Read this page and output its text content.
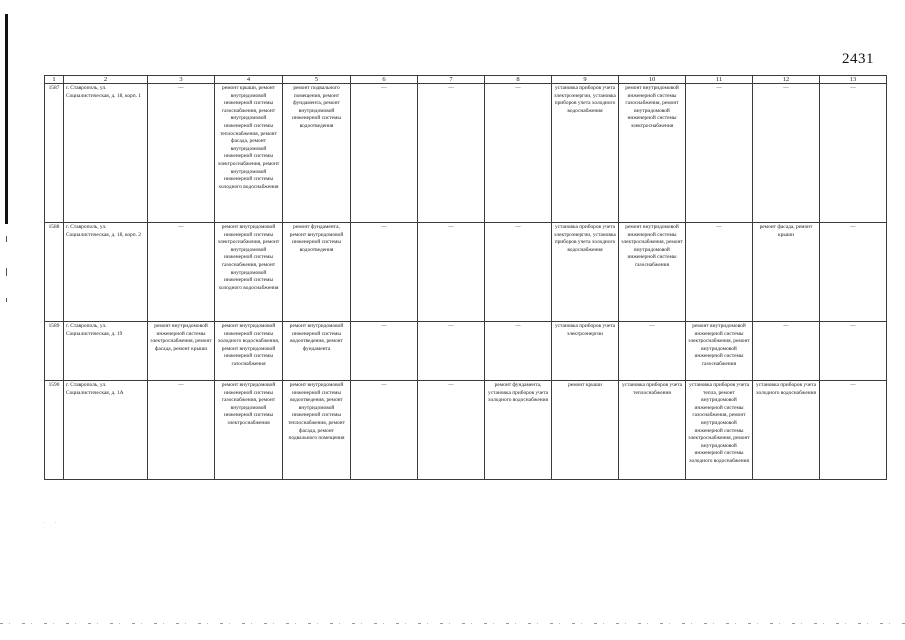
2431
1	2	3	4	5	6	7	8	9	10	11	12	13
1587	г. Ставрополь, ул. Социалистическая, д. 18, корп. 1	—	ремонт крыши, ремонт внутридомовой инженерной системы газоснабжения, ремонт внутридомовой инженерной системы теплоснабжения, ремонт фасада, ремонт внутридомовой инженерной системы электроснабжения, ремонт внутридомовой инженерной системы холодного водоснабжения	ремонт подвального помещения, ремонт фундамента, ремонт внутридомовой инженерной системы водоотведения	—	—	—	установка приборов учета электроэнергии, установка приборов учета холодного водоснабжения	ремонт внутридомовой инженерной системы газоснабжения, ремонт внутридомовой инженерной системы электроснабжения	—	—	—
1588	г. Ставрополь, ул. Социалистическая, д. 18, корп. 2	—	ремонт внутридомовой инженерной системы электроснабжения, ремонт внутридомовой инженерной системы газоснабжения, ремонт внутридомовой инженерной системы холодного водоснабжения	ремонт фундамента, ремонт внутридомовой инженерной системы водоотведения	—	—	—	установка приборов учета электроэнергии, установка приборов учета холодного водоснабжения	ремонт внутридомовой инженерной системы электроснабжения, ремонт внутридомовой инженерной системы газоснабжения	—	ремонт фасада, ремонт крыши	—
1589	г. Ставрополь, ул. Социалистическая, д. 19	ремонт внутридомовой инженерной системы электроснабжения, ремонт фасада, ремонт крыши	ремонт внутридомовой инженерной системы холодного водоснабжения, ремонт внутридомовой инженерной системы газоснабжения	ремонт внутридомовой инженерной системы водоотведения, ремонт фундамента	—	—	—	установка приборов учета электроэнергии	—	ремонт внутридомовой инженерной системы электроснабжения, ремонт внутридомовой инженерной системы газоснабжения	—	—
1590	г. Ставрополь, ул. Социалистическая, д. 1А	—	ремонт внутридомовой инженерной системы газоснабжения, ремонт внутридомовой инженерной системы электроснабжения	ремонт внутридомовой инженерной системы водоотведения, ремонт внутридомовой инженерной системы теплоснабжения, ремонт фасада, ремонт подвального помещения	—	—	ремонт фундамента, установка приборов учета холодного водоснабжения	ремонт крыши	установка приборов учета теплоснабжения	установка приборов учета тепла, ремонт внутридомовой инженерной системы газоснабжения, ремонт внутридомовой инженерной системы электроснабжения, ремонт внутридомовой инженерной системы холодного водоснабжения	установка приборов учета холодного водоснабжения	—
· ·
